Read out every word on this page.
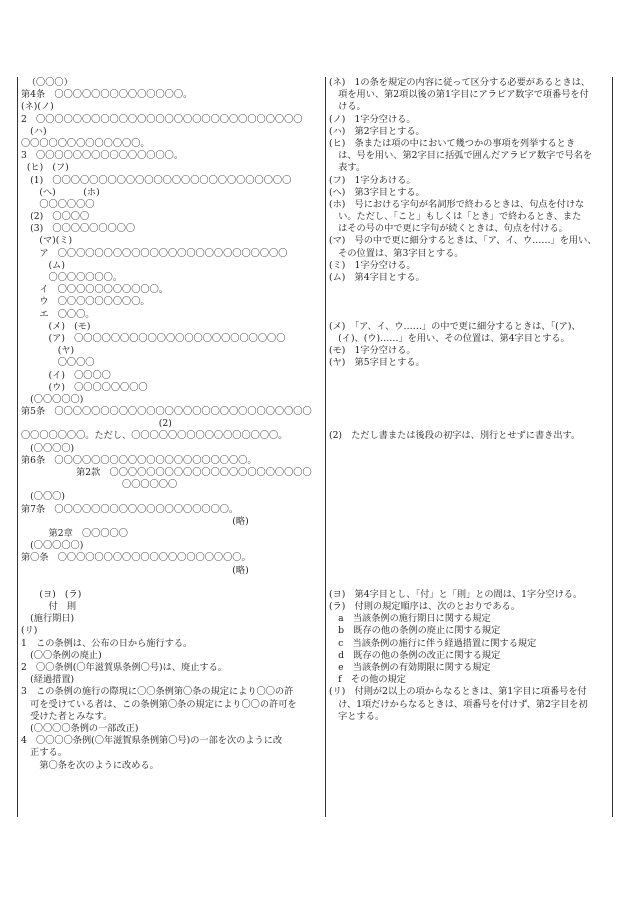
（〇〇〇）
第4条　〇〇〇〇〇〇〇〇〇〇〇〇〇〇。
(ネ)(ノ)
2　〇〇〇〇〇〇〇〇〇〇〇〇〇〇〇〇〇〇〇〇〇〇〇〇〇〇〇〇〇
　(ハ)
〇〇〇〇〇〇〇〇〇〇〇〇〇。
3　〇〇〇〇〇〇〇〇〇〇〇〇〇〇〇。
(ヒ)　(フ)
　(1)　〇〇〇〇〇〇〇〇〇〇〇〇〇〇〇〇〇〇〇〇〇〇〇〇〇〇
　　(へ)　　　(ホ)
　　〇〇〇〇〇〇
　(2)　〇〇〇〇
　(3)　〇〇〇〇〇〇〇〇〇
　　(マ)(ミ)
　　ア　〇〇〇〇〇〇〇〇〇〇〇〇〇〇〇〇〇〇〇〇〇〇〇〇〇
　　　(ム)
　　　〇〇〇〇〇〇〇。
　　イ　〇〇〇〇〇〇〇〇〇〇〇。
　　ウ　〇〇〇〇〇〇〇〇〇。
　　エ　〇〇〇。
　　　(メ)　(モ)
　　　(ア)　〇〇〇〇〇〇〇〇〇〇〇〇〇〇〇〇〇〇〇〇〇〇〇
　　　　(ヤ)
　　　　〇〇〇〇
　　　(イ)　〇〇〇〇
　　　(ウ)　〇〇〇〇〇〇〇〇
　(〇〇〇〇〇)
第5条　〇〇〇〇〇〇〇〇〇〇〇〇〇〇〇〇〇〇〇〇〇〇〇〇〇〇〇〇
　　　　　　　　　　　　　　　(2)
〇〇〇〇〇〇〇。ただし、〇〇〇〇〇〇〇〇〇〇〇〇〇〇〇〇。
　(〇〇〇〇)
第6条　〇〇〇〇〇〇〇〇〇〇〇〇〇〇〇〇〇〇〇〇〇。
　　　　　　第2款　〇〇〇〇〇〇〇〇〇〇〇〇〇〇〇〇〇〇〇〇〇〇
　　　　　　　　　　　〇〇〇〇〇〇
　(〇〇〇)
第7条　〇〇〇〇〇〇〇〇〇〇〇〇〇〇〇〇〇〇〇。
　　　　　　　　　　　　　　　　　　　　　　　(略)
　　　第2章　〇〇〇〇〇
　(〇〇〇〇〇)
第〇条　〇〇〇〇〇〇〇〇〇〇〇〇〇〇〇〇〇〇〇〇。
　　　　　　　　　　　　　　　　　　　　　　　(略)
　　(ヨ)　(ラ)
　　　付　則
　(施行期日)
(リ)
1　この条例は、公布の日から施行する。
　(〇〇条例の廃止)
2　〇〇条例(〇年滋賀県条例〇号)は、廃止する。
　(経過措置)
3　この条例の施行の際現に〇〇条例第〇条の規定により〇〇の許
　可を受けている者は、この条例第〇条の規定により〇〇の許可を
　受けた者とみなす。
　(〇〇〇〇条例の一部改正)
4　〇〇〇〇条例(〇年滋賀県条例第〇号)の一部を次のように改
　正する。
　　第〇条を次のように改める。
(ネ)　1の条を規定の内容に従って区分する必要があるときは、
　項を用い、第2項以後の第1字目にアラビア数字で項番号を付
　ける。
(ノ)　1字分空ける。
(ハ)　第2字目とする。
(ヒ)　条または項の中において幾つかの事項を列挙するとき
　は、号を用い、第2字目に括弧で囲んだアラビア数字で号名を
　表す。
(フ)　1字分あける。
(へ)　第3字目とする。
(ホ)　号における字句が名詞形で終わるときは、句点を付けな
　い。ただし、「こと」もしくは「とき」で終わるとき、また
　はその号の中で更に字句が続くときは、句点を付ける。
(マ)　号の中で更に細分するときは、「ア、イ、ウ……」を用い、
　その位置は、第3字目とする。
(ミ)　1字分空ける。
(ム)　第4字目とする。
(メ)　「ア、イ、ウ……」の中で更に細分するときは、「(ア)、
　(イ)、(ウ)……」を用い、その位置は、第4字目とする。
(モ)　1字分空ける。
(ヤ)　第5字目とする。
(2)　ただし書または後段の初字は、別行とせずに書き出す。
(ヨ)　第4字目とし、「付」と「則」との間は、1字分空ける。
(ラ)　付則の規定順序は、次のとおりである。
　a　当該条例の施行期日に関する規定
　b　既存の他の条例の廃止に関する規定
　c　当該条例の施行に伴う経過措置に関する規定
　d　既存の他の条例の改正に関する規定
　e　当該条例の有効期限に関する規定
　f　その他の規定
(リ)　付則が2以上の項からなるときは、第1字目に項番号を付
　け、1項だけからなるときは、項番号を付けず、第2字目を初
　字とする。
